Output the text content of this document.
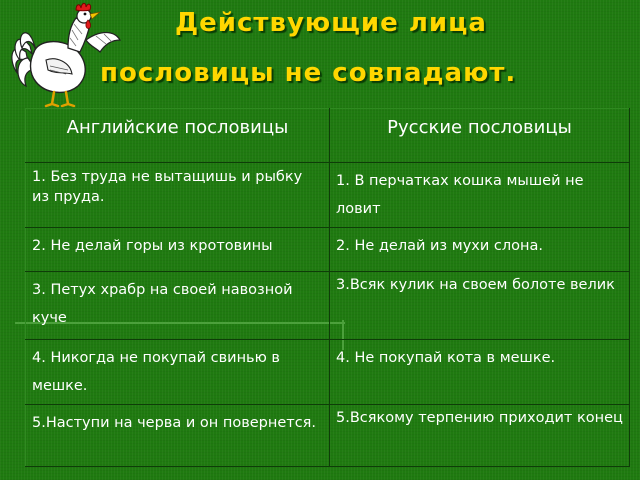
Действующие лица
пословицы не совпадают.
Английские пословицы	Русские пословицы
1. Без труда не вытащишь и рыбку из пруда.	1. В перчатках кошка мышей не ловит
2. Не делай горы из кротовины	2. Не делай из мухи слона.
3. Петух храбр на своей навозной куче	3.Всяк кулик на своем болоте велик
4. Никогда не покупай свинью в мешке.	4. Не покупай кота в мешке.
5.Наступи на черва и он повернется.	5.Всякому терпению приходит конец
